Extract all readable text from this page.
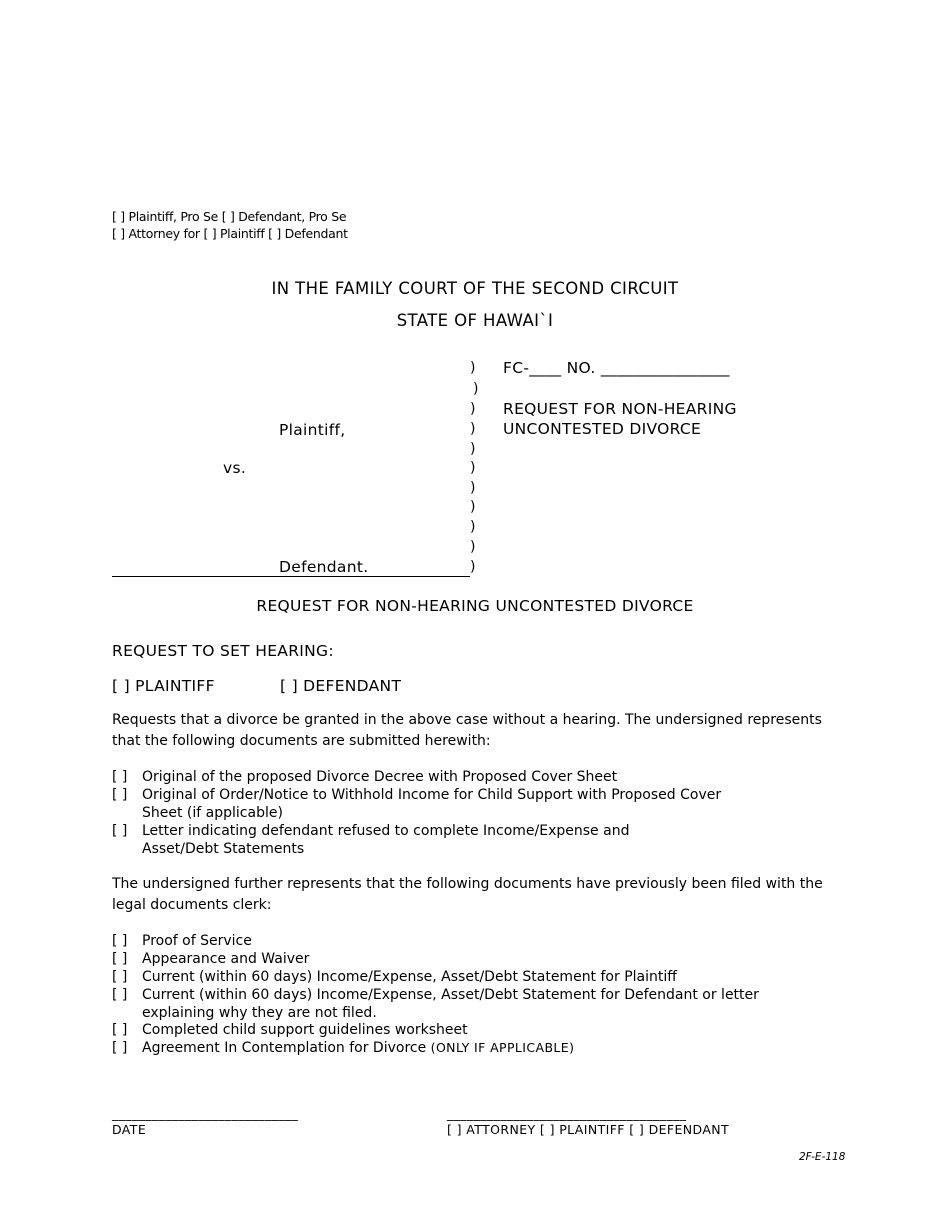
[ ] Plaintiff, Pro Se [ ] Defendant, Pro Se
[ ] Attorney for [ ] Plaintiff [ ] Defendant
IN THE FAMILY COURT OF THE SECOND CIRCUIT
STATE OF HAWAI`I
)
)
)
)
)
)
)
)
)
)
)
FC-____ NO. ________________
REQUEST FOR NON-HEARING
UNCONTESTED DIVORCE
Plaintiff,
vs.
Defendant.
REQUEST FOR NON-HEARING UNCONTESTED DIVORCE
REQUEST TO SET HEARING:
[ ] PLAINTIFF	[ ] DEFENDANT
Requests that a divorce be granted in the above case without a hearing. The undersigned represents that the following documents are submitted herewith:
[ ] Original of the proposed Divorce Decree with Proposed Cover Sheet
[ ] Original of Order/Notice to Withhold Income for Child Support with Proposed Cover Sheet (if applicable)
[ ] Letter indicating defendant refused to complete Income/Expense and Asset/Debt Statements
The undersigned further represents that the following documents have previously been filed with the legal documents clerk:
[ ] Proof of Service
[ ] Appearance and Waiver
[ ] Current (within 60 days) Income/Expense, Asset/Debt Statement for Plaintiff
[ ] Current (within 60 days) Income/Expense, Asset/Debt Statement for Defendant or letter explaining why they are not filed.
[ ] Completed child support guidelines worksheet
[ ] Agreement In Contemplation for Divorce (ONLY IF APPLICABLE)
____________________________
DATE
____________________________________
[ ] ATTORNEY [ ] PLAINTIFF [ ] DEFENDANT
2F-E-118
